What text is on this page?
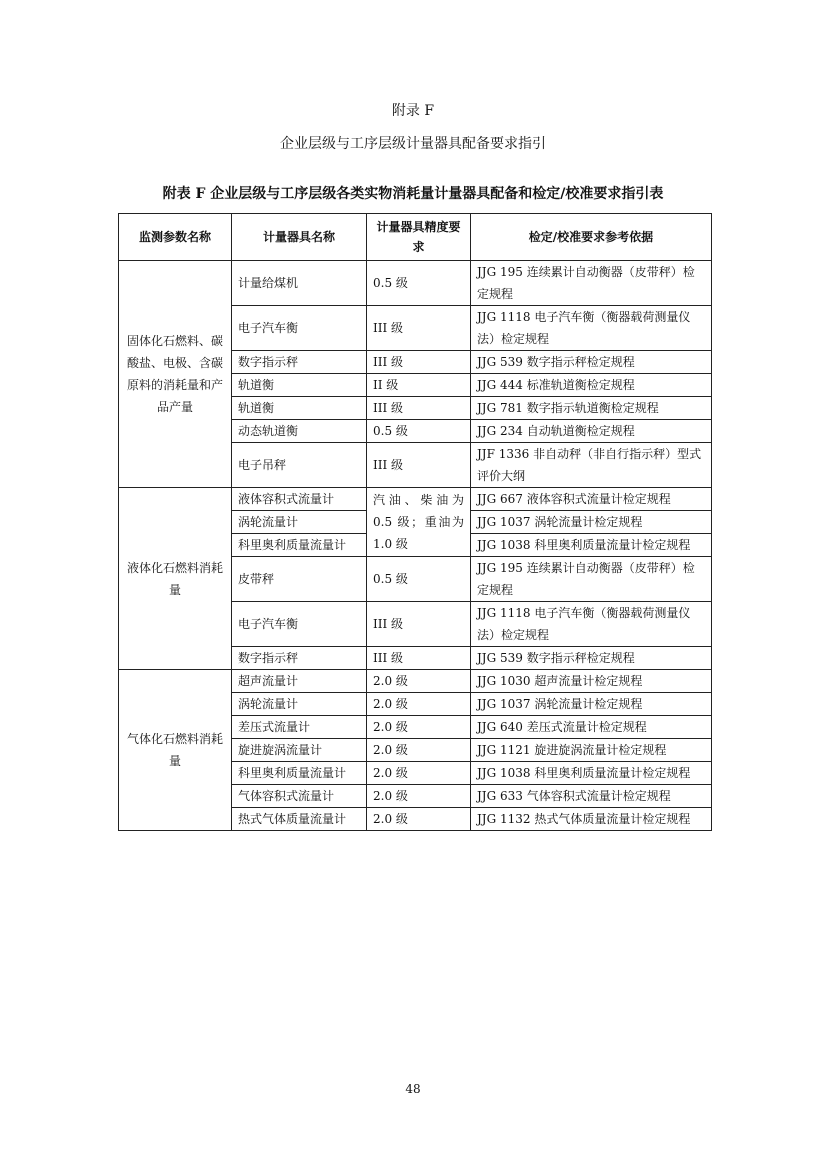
附录 F
企业层级与工序层级计量器具配备要求指引
附表 F 企业层级与工序层级各类实物消耗量计量器具配备和检定/校准要求指引表
监测参数名称	计量器具名称	计量器具精度要求	检定/校准要求参考依据
固体化石燃料、碳酸盐、电极、含碳原料的消耗量和产品产量	计量给煤机	0.5 级	JJG 195 连续累计自动衡器（皮带秤）检定规程
	电子汽车衡	III 级	JJG 1118 电子汽车衡（衡器载荷测量仪法）检定规程
	数字指示秤	III 级	JJG 539 数字指示秤检定规程
	轨道衡	II 级	JJG 444 标准轨道衡检定规程
	轨道衡	III 级	JJG 781 数字指示轨道衡检定规程
	动态轨道衡	0.5 级	JJG 234 自动轨道衡检定规程
	电子吊秤	III 级	JJF 1336 非自动秤（非自行指示秤）型式评价大纲
液体化石燃料消耗量	液体容积式流量计	汽油、柴油为 0.5 级；重油为 1.0 级	JJG 667 液体容积式流量计检定规程
	涡轮流量计		JJG 1037 涡轮流量计检定规程
	科里奥利质量流量计		JJG 1038 科里奥利质量流量计检定规程
	皮带秤	0.5 级	JJG 195 连续累计自动衡器（皮带秤）检定规程
	电子汽车衡	III 级	JJG 1118 电子汽车衡（衡器载荷测量仪法）检定规程
	数字指示秤	III 级	JJG 539 数字指示秤检定规程
气体化石燃料消耗量	超声流量计	2.0 级	JJG 1030 超声流量计检定规程
	涡轮流量计	2.0 级	JJG 1037 涡轮流量计检定规程
	差压式流量计	2.0 级	JJG 640 差压式流量计检定规程
	旋进旋涡流量计	2.0 级	JJG 1121 旋进旋涡流量计检定规程
	科里奥利质量流量计	2.0 级	JJG 1038 科里奥利质量流量计检定规程
	气体容积式流量计	2.0 级	JJG 633 气体容积式流量计检定规程
	热式气体质量流量计	2.0 级	JJG 1132 热式气体质量流量计检定规程
48
